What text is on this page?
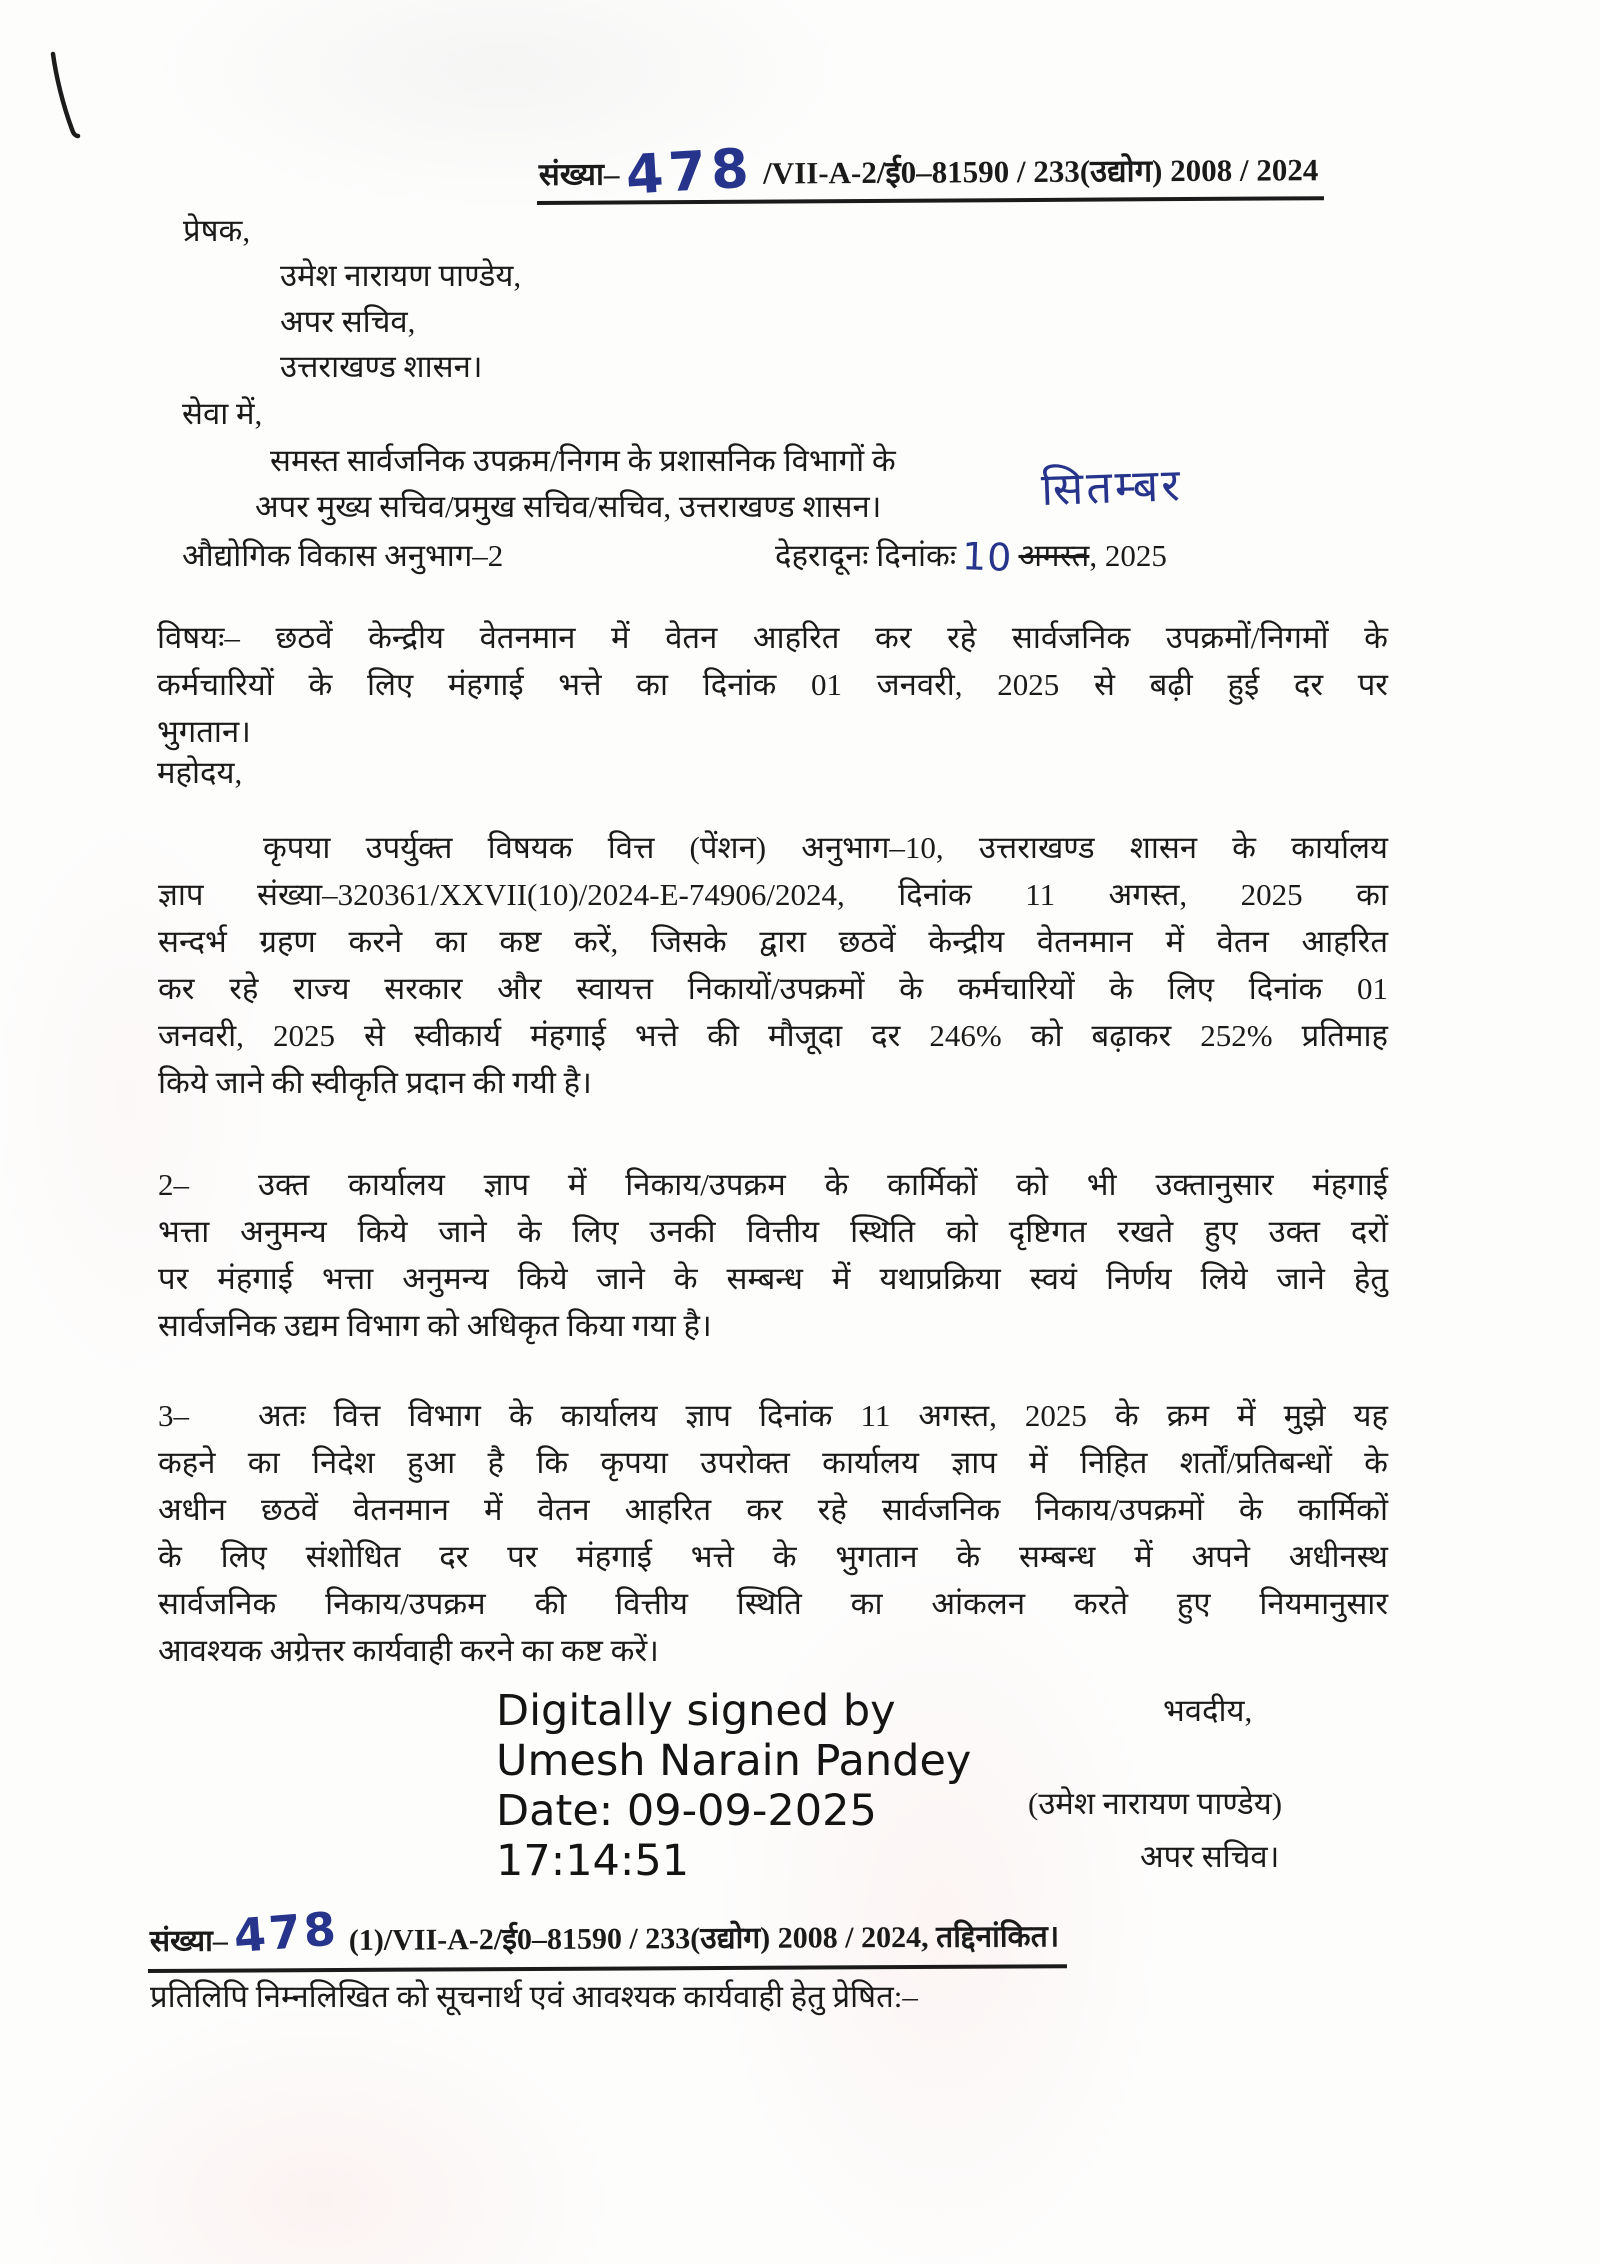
संख्या–478 /VII-A-2/ई0–81590 / 233(उद्योग) 2008 / 2024
प्रेषक,
उमेश नारायण पाण्डेय,
अपर सचिव,
उत्तराखण्ड शासन।
सेवा में,
समस्त सार्वजनिक उपक्रम/निगम के प्रशासनिक विभागों के
अपर मुख्य सचिव/प्रमुख सचिव/सचिव, उत्तराखण्ड शासन।	सितम्बर
औद्योगिक विकास अनुभाग–2	देहरादूनः दिनांकः 10 अगस्त, 2025
विषयः– छठवें केन्द्रीय वेतनमान में वेतन आहरित कर रहे सार्वजनिक उपक्रमों/निगमों के
कर्मचारियों के लिए मंहगाई भत्ते का दिनांक 01 जनवरी, 2025 से बढ़ी हुई दर पर
भुगतान।
महोदय,
कृपया उपर्युक्त विषयक वित्त (पेंशन) अनुभाग–10, उत्तराखण्ड शासन के कार्यालय
ज्ञाप संख्या–320361/XXVII(10)/2024-E-74906/2024, दिनांक 11 अगस्त, 2025 का
सन्दर्भ ग्रहण करने का कष्ट करें, जिसके द्वारा छठवें केन्द्रीय वेतनमान में वेतन आहरित
कर रहे राज्य सरकार और स्वायत्त निकायों/उपक्रमों के कर्मचारियों के लिए दिनांक 01
जनवरी, 2025 से स्वीकार्य मंहगाई भत्ते की मौजूदा दर 246% को बढ़ाकर 252% प्रतिमाह
किये जाने की स्वीकृति प्रदान की गयी है।
2– उक्त कार्यालय ज्ञाप में निकाय/उपक्रम के कार्मिकों को भी उक्तानुसार मंहगाई
भत्ता अनुमन्य किये जाने के लिए उनकी वित्तीय स्थिति को दृष्टिगत रखते हुए उक्त दरों
पर मंहगाई भत्ता अनुमन्य किये जाने के सम्बन्ध में यथाप्रक्रिया स्वयं निर्णय लिये जाने हेतु
सार्वजनिक उद्यम विभाग को अधिकृत किया गया है।
3– अतः वित्त विभाग के कार्यालय ज्ञाप दिनांक 11 अगस्त, 2025 के क्रम में मुझे यह
कहने का निदेश हुआ है कि कृपया उपरोक्त कार्यालय ज्ञाप में निहित शर्तों/प्रतिबन्धों के
अधीन छठवें वेतनमान में वेतन आहरित कर रहे सार्वजनिक निकाय/उपक्रमों के कार्मिकों
के लिए संशोधित दर पर मंहगाई भत्ते के भुगतान के सम्बन्ध में अपने अधीनस्थ
सार्वजनिक निकाय/उपक्रम की वित्तीय स्थिति का आंकलन करते हुए नियमानुसार
आवश्यक अग्रेत्तर कार्यवाही करने का कष्ट करें।
Digitally signed by
Umesh Narain Pandey
Date: 09-09-2025
17:14:51
भवदीय,
(उमेश नारायण पाण्डेय)
अपर सचिव।
संख्या–478 (1)/VII-A-2/ई0–81590 / 233(उद्योग) 2008 / 2024, तद्दिनांकित।
प्रतिलिपि निम्नलिखित को सूचनार्थ एवं आवश्यक कार्यवाही हेतु प्रेषित:–
